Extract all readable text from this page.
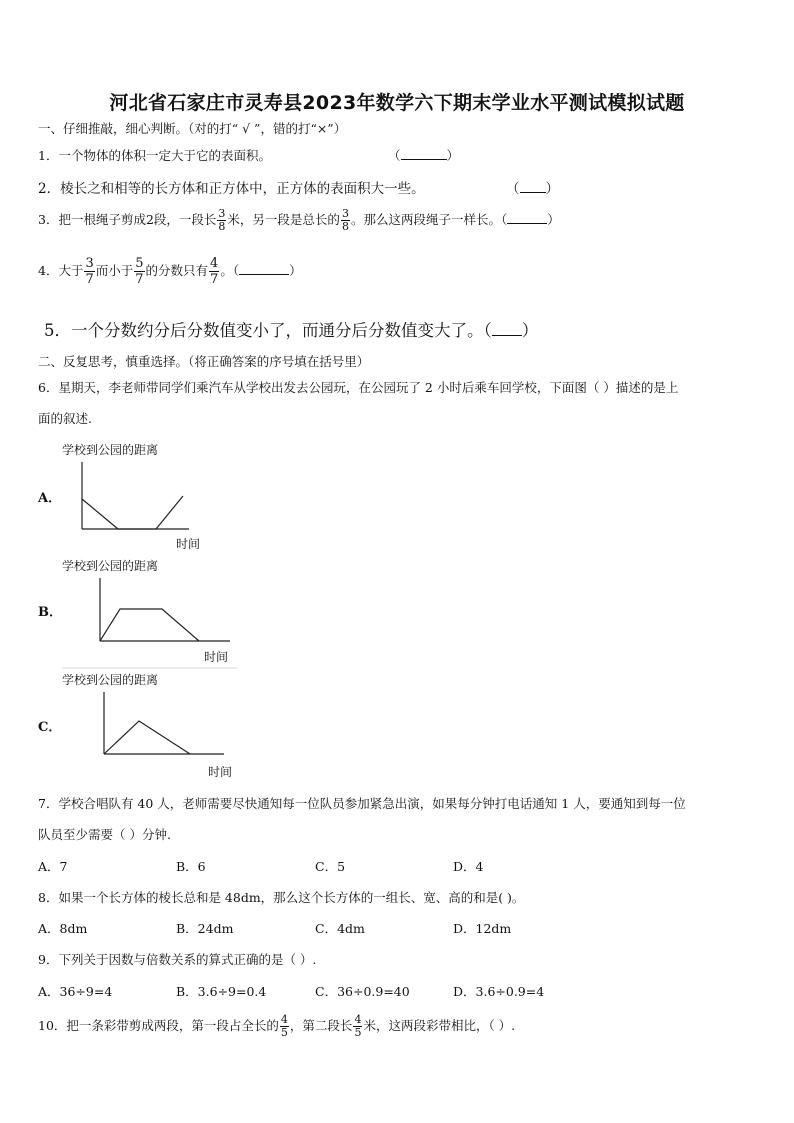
河北省石家庄市灵寿县2023年数学六下期末学业水平测试模拟试题
一、仔细推敲，细心判断。（对的打“ √ ”，错的打“×”）
1．一个物体的体积一定大于它的表面积。	（	）
2．棱长之和相等的长方体和正方体中，正方体的表面积大一些。	（ ）
3．把一根绳子剪成2段，一段长 $\frac{3}{8}$ 米，另一段是总长的 $\frac{3}{8}$ 。那么这两段绳子一样长。（	）
4．大于 $\frac{3}{7}$ 而小于 $\frac{5}{7}$ 的分数只有 $\frac{4}{7}$ 。（	）
5．一个分数约分后分数值变小了，而通分后分数值变大了。（ ）
二、反复思考，慎重选择。（将正确答案的序号填在括号里）
6．星期天，李老师带同学们乘汽车从学校出发去公园玩，在公园玩了 2 小时后乘车回学校，下面图（ ）描述的是上
面的叙述.
学校到公园的距离
A．
时间
学校到公园的距离
B．
时间
学校到公园的距离
C．
时间
7．学校合唱队有 40 人，老师需要尽快通知每一位队员参加紧急出演，如果每分钟打电话通知 1 人，要通知到每一位
队员至少需要（ ）分钟.
A．7	B．6	C．5	D．4
8．如果一个长方体的棱长总和是 48dm，那么这个长方体的一组长、宽、高的和是( )。
A．8dm	B．24dm	C．4dm	D．12dm
9．下列关于因数与倍数关系的算式正确的是（ ）.
A．36÷9=4	B．3.6÷9=0.4	C．36÷0.9=40	D．3.6÷0.9=4
10．把一条彩带剪成两段，第一段占全长的 $\frac{4}{5}$ ，第二段长 $\frac{4}{5}$ 米，这两段彩带相比，（ ）.
